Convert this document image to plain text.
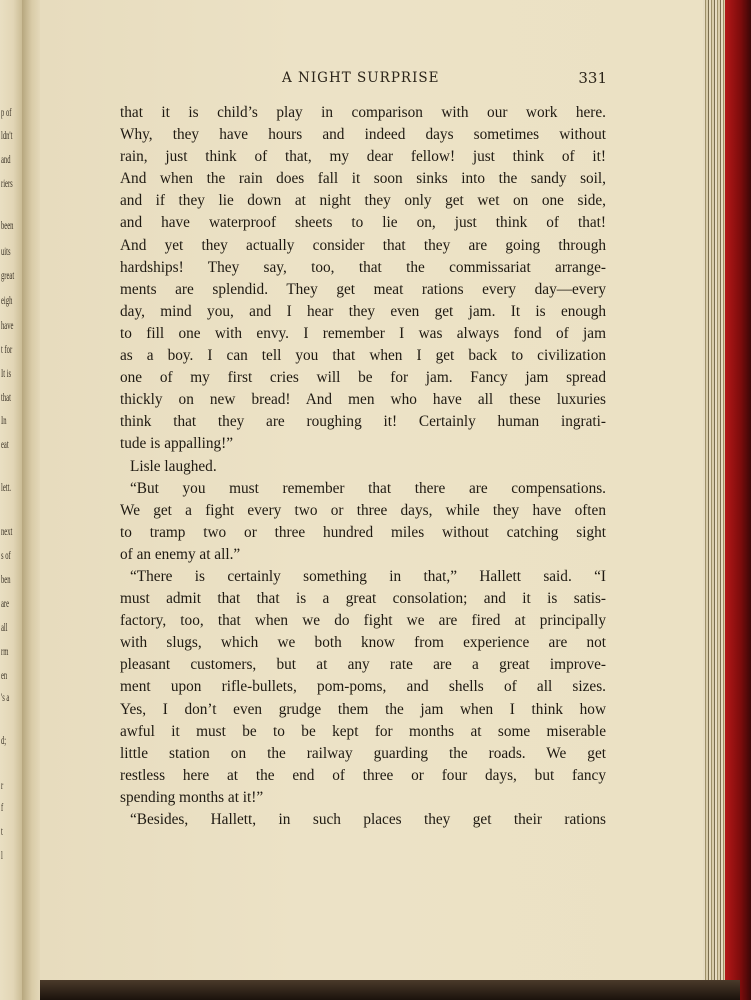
p of
ldn't
and
riers
been
uits
great
eigh
have
t for
It is
that
In
eat
lett.
next
s of
ben
are
all
rm
en
's a
d;
r
f
t
l
A NIGHT SURPRISE	331
that it is child’s play in comparison with our work here.
Why, they have hours and indeed days sometimes without
rain, just think of that, my dear fellow! just think of it!
And when the rain does fall it soon sinks into the sandy soil,
and if they lie down at night they only get wet on one side,
and have waterproof sheets to lie on, just think of that!
And yet they actually consider that they are going through
hardships! They say, too, that the commissariat arrange-
ments are splendid. They get meat rations every day—every
day, mind you, and I hear they even get jam. It is enough
to fill one with envy. I remember I was always fond of jam
as a boy. I can tell you that when I get back to civilization
one of my first cries will be for jam. Fancy jam spread
thickly on new bread! And men who have all these luxuries
think that they are roughing it! Certainly human ingrati-
tude is appalling!”
Lisle laughed.
“But you must remember that there are compensations.
We get a fight every two or three days, while they have often
to tramp two or three hundred miles without catching sight
of an enemy at all.”
“There is certainly something in that,” Hallett said. “I
must admit that that is a great consolation; and it is satis-
factory, too, that when we do fight we are fired at principally
with slugs, which we both know from experience are not
pleasant customers, but at any rate are a great improve-
ment upon rifle-bullets, pom-poms, and shells of all sizes.
Yes, I don’t even grudge them the jam when I think how
awful it must be to be kept for months at some miserable
little station on the railway guarding the roads. We get
restless here at the end of three or four days, but fancy
spending months at it!”
“Besides, Hallett, in such places they get their rations
